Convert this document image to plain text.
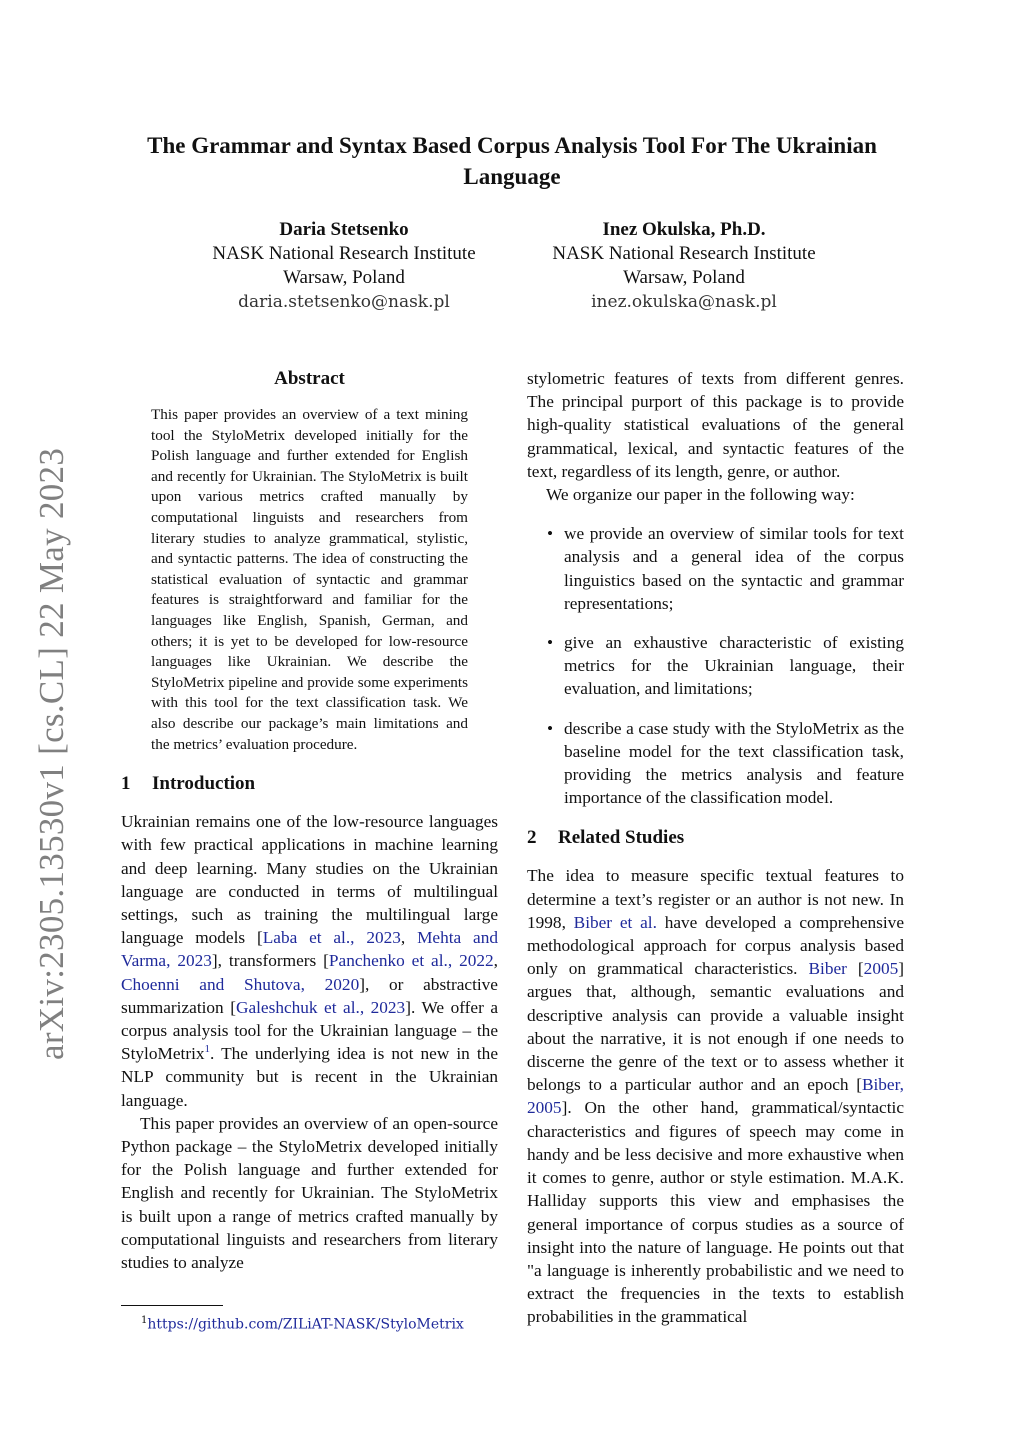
arXiv:2305.13530v1 [cs.CL] 22 May 2023
The Grammar and Syntax Based Corpus Analysis Tool For The Ukrainian Language
Daria Stetsenko
NASK National Research Institute
Warsaw, Poland
daria.stetsenko@nask.pl
Inez Okulska, Ph.D.
NASK National Research Institute
Warsaw, Poland
inez.okulska@nask.pl
Abstract

This paper provides an overview of a text mining tool the StyloMetrix developed initially for the Polish language and further extended for English and recently for Ukrainian. The StyloMetrix is built upon various metrics crafted manually by computational linguists and researchers from literary studies to analyze grammatical, stylistic, and syntactic patterns. The idea of constructing the statistical evaluation of syntactic and grammar features is straightforward and familiar for the languages like English, Spanish, German, and others; it is yet to be developed for low-resource languages like Ukrainian. We describe the StyloMetrix pipeline and provide some experiments with this tool for the text classification task. We also describe our package’s main limitations and the metrics’ evaluation procedure.

1 Introduction

Ukrainian remains one of the low-resource languages with few practical applications in machine learning and deep learning. Many studies on the Ukrainian language are conducted in terms of multilingual settings, such as training the multilingual large language models [Laba et al., 2023, Mehta and Varma, 2023], transformers [Panchenko et al., 2022, Choenni and Shutova, 2020], or abstractive summarization [Galeshchuk et al., 2023]. We offer a corpus analysis tool for the Ukrainian language – the StyloMetrix$^1$. The underlying idea is not new in the NLP community but is recent in the Ukrainian language.

This paper provides an overview of an open-source Python package – the StyloMetrix developed initially for the Polish language and further extended for English and recently for Ukrainian. The StyloMetrix is built upon a range of metrics crafted manually by computational linguists and researchers from literary studies to analyze

stylometric features of texts from different genres. The principal purport of this package is to provide high-quality statistical evaluations of the general grammatical, lexical, and syntactic features of the text, regardless of its length, genre, or author.

We organize our paper in the following way:

• we provide an overview of similar tools for text analysis and a general idea of the corpus linguistics based on the syntactic and grammar representations;
• give an exhaustive characteristic of existing metrics for the Ukrainian language, their evaluation, and limitations;
• describe a case study with the StyloMetrix as the baseline model for the text classification task, providing the metrics analysis and feature importance of the classification model.
2 Related Studies

The idea to measure specific textual features to determine a text’s register or an author is not new. In 1998, Biber et al. have developed a comprehensive methodological approach for corpus analysis based only on grammatical characteristics. Biber [2005] argues that, although, semantic evaluations and descriptive analysis can provide a valuable insight about the narrative, it is not enough if one needs to discerne the genre of the text or to assess whether it belongs to a particular author and an epoch [Biber, 2005]. On the other hand, grammatical/syntactic characteristics and figures of speech may come in handy and be less decisive and more exhaustive when it comes to genre, author or style estimation. M.A.K. Halliday supports this view and emphasises the general importance of corpus studies as a source of insight into the nature of language. He points out that "a language is inherently probabilistic and we need to extract the frequencies in the texts to establish probabilities in the grammatical

$^1$https://github.com/ZILiAT-NASK/StyloMetrix
